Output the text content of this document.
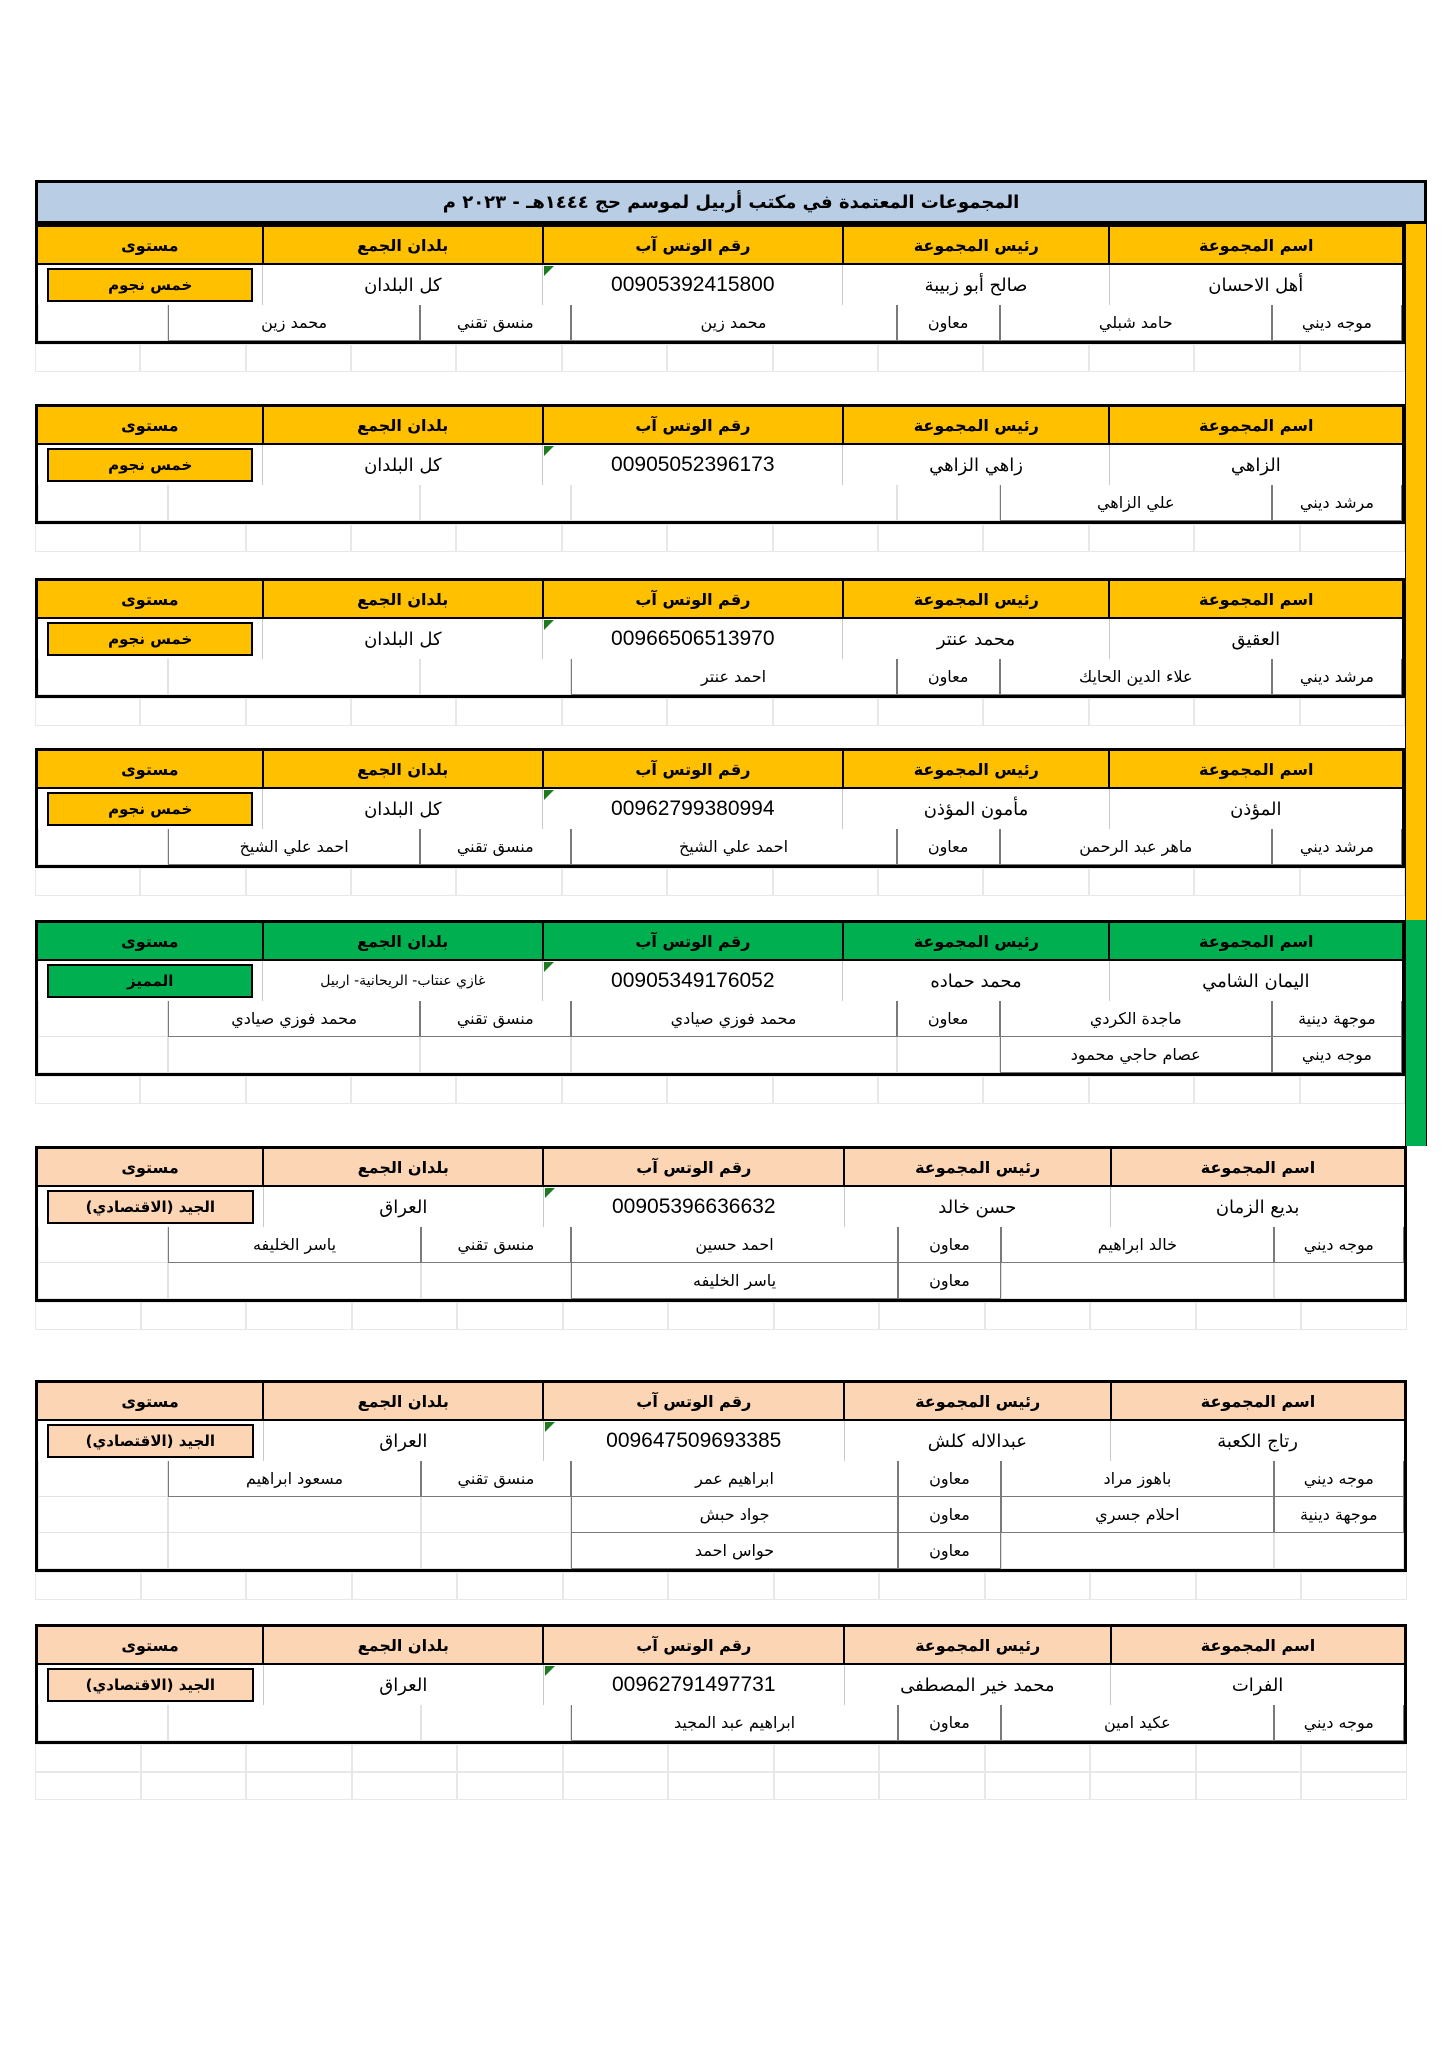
المجموعات المعتمدة في مكتب أربيل لموسم حج ١٤٤٤هـ - ٢٠٢٣ م
اسم المجموعة
رئيس المجموعة
رقم الوتس آب
بلدان الجمع
مستوى
أهل الاحسان
صالح أبو زبيبة
00905392415800
كل البلدان
خمس نجوم
موجه ديني
حامد شبلي
معاون
محمد زين
منسق تقني
محمد زين
اسم المجموعة
رئيس المجموعة
رقم الوتس آب
بلدان الجمع
مستوى
الزاهي
زاهي الزاهي
00905052396173
كل البلدان
خمس نجوم
مرشد ديني
علي الزاهي
اسم المجموعة
رئيس المجموعة
رقم الوتس آب
بلدان الجمع
مستوى
العقيق
محمد عنتر
00966506513970
كل البلدان
خمس نجوم
مرشد ديني
علاء الدين الحايك
معاون
احمد عنتر
اسم المجموعة
رئيس المجموعة
رقم الوتس آب
بلدان الجمع
مستوى
المؤذن
مأمون المؤذن
00962799380994
كل البلدان
خمس نجوم
مرشد ديني
ماهر عبد الرحمن
معاون
احمد علي الشيخ
منسق تقني
احمد علي الشيخ
اسم المجموعة
رئيس المجموعة
رقم الوتس آب
بلدان الجمع
مستوى
اليمان الشامي
محمد حماده
00905349176052
غازي عنتاب- الريحانية- اربيل
المميز
موجهة دينية
ماجدة الكردي
معاون
محمد فوزي صيادي
منسق تقني
محمد فوزي صيادي
موجه ديني
عصام حاجي محمود
اسم المجموعة
رئيس المجموعة
رقم الوتس آب
بلدان الجمع
مستوى
بديع الزمان
حسن خالد
00905396636632
العراق
الجيد (الاقتصادي)
موجه ديني
خالد ابراهيم
معاون
احمد حسين
منسق تقني
ياسر الخليفه
معاون
ياسر الخليفه
اسم المجموعة
رئيس المجموعة
رقم الوتس آب
بلدان الجمع
مستوى
رتاج الكعبة
عبدالاله كلش
009647509693385
العراق
الجيد (الاقتصادي)
موجه ديني
باهوز مراد
معاون
ابراهيم عمر
منسق تقني
مسعود ابراهيم
موجهة دينية
احلام جسري
معاون
جواد حبش
معاون
حواس احمد
اسم المجموعة
رئيس المجموعة
رقم الوتس آب
بلدان الجمع
مستوى
الفرات
محمد خير المصطفى
00962791497731
العراق
الجيد (الاقتصادي)
موجه ديني
عكيد امين
معاون
ابراهيم عبد المجيد
